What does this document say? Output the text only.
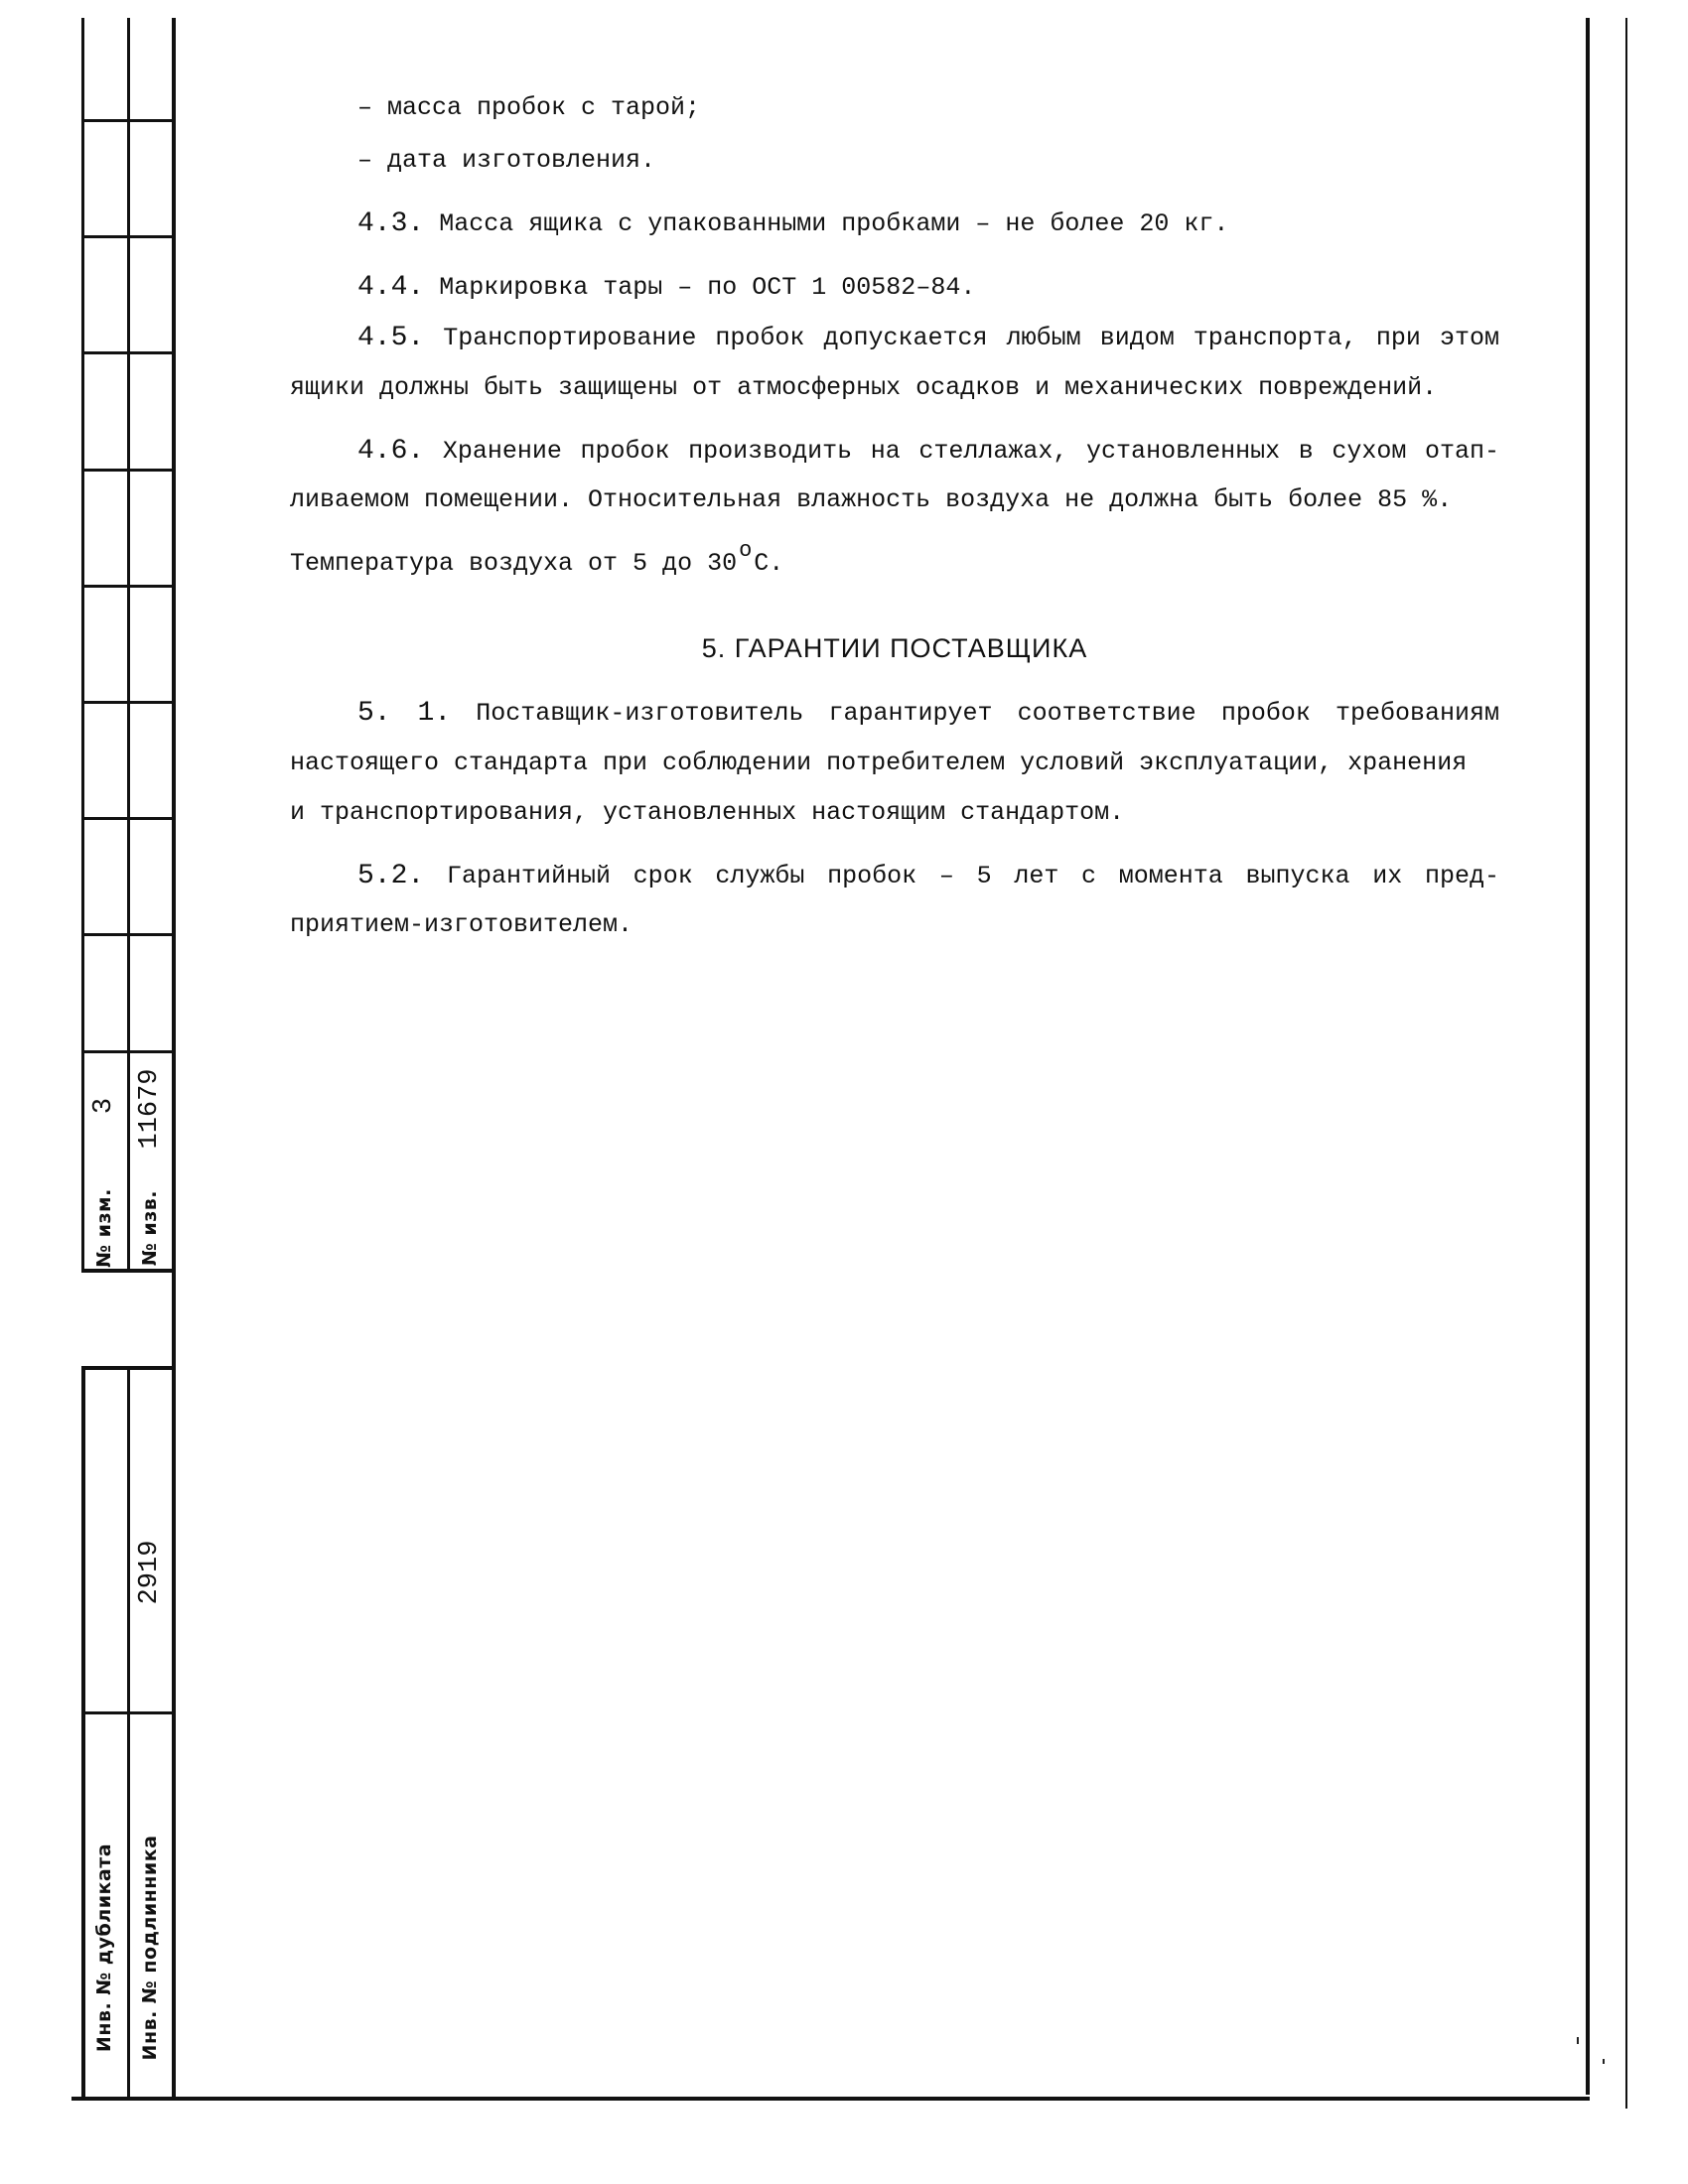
№ изм.
3
№ изв.
11679
Инв. № дубликата Инв. № подлинника
2919
– масса пробок с тарой;
– дата изготовления.
4.3. Масса ящика с упакованными пробками – не более 20 кг.
4.4. Маркировка тары – по ОСТ 1 00582–84.
4.5. Транспортирование пробок допускается любым видом транспорта, при этом
ящики должны быть защищены от атмосферных осадков и механических повреждений.
4.6. Хранение пробок производить на стеллажах, установленных в сухом отап-
ливаемом помещении. Относительная влажность воздуха не должна быть более 85 %.
Температура воздуха от 5 до $30^оС$.
5. ГАРАНТИИ ПОСТАВЩИКА
5. 1. Поставщик-изготовитель гарантирует соответствие пробок требованиям
настоящего стандарта при соблюдении потребителем условий эксплуатации, хранения
и транспортирования, установленных настоящим стандартом.
5.2. Гарантийный срок службы пробок – 5 лет с момента выпуска их пред-
приятием-изготовителем.
